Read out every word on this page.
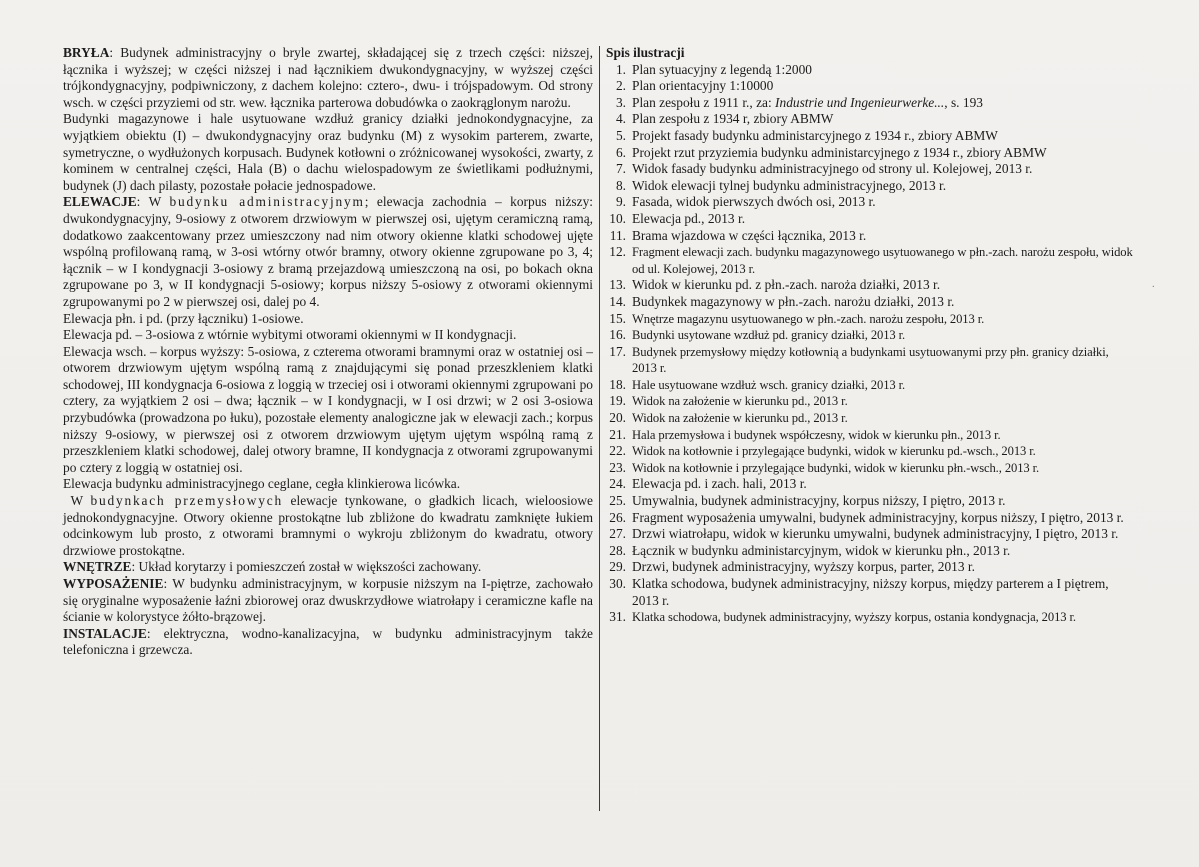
BRYŁA: Budynek administracyjny o bryle zwartej, składającej się z trzech części: niższej, łącznika i wyższej; w części niższej i nad łącznikiem dwukondygnacyjny, w wyższej części trójkondygnacyjny, podpiwniczony, z dachem kolejno: cztero-, dwu- i trójspadowym. Od strony wsch. w części przyziemi od str. wew. łącznika parterowa dobudówka o zaokrąglonym narożu.

Budynki magazynowe i hale usytuowane wzdłuż granicy działki jednokondygnacyjne, za wyjątkiem obiektu (I) – dwukondygnacyjny oraz budynku (M) z wysokim parterem, zwarte, symetryczne, o wydłużonych korpusach. Budynek kotłowni o zróżnicowanej wysokości, zwarty, z kominem w centralnej części, Hala (B) o dachu wielospadowym ze świetlikami podłużnymi, budynek (J) dach pilasty, pozostałe połacie jednospadowe.

ELEWACJE: W budynku administracyjnym; elewacja zachodnia – korpus niższy: dwukondygnacyjny, 9-osiowy z otworem drzwiowym w pierwszej osi, ujętym ceramiczną ramą, dodatkowo zaakcentowany przez umieszczony nad nim otwory okienne klatki schodowej ujęte wspólną profilowaną ramą, w 3-osi wtórny otwór bramny, otwory okienne zgrupowane po 3, 4; łącznik – w I kondygnacji 3-osiowy z bramą przejazdową umieszczoną na osi, po bokach okna zgrupowane po 3, w II kondygnacji 5-osiowy; korpus niższy 5-osiowy z otworami okiennymi zgrupowanymi po 2 w pierwszej osi, dalej po 4.

Elewacja płn. i pd. (przy łączniku) 1-osiowe.

Elewacja pd. – 3-osiowa z wtórnie wybitymi otworami okiennymi w II kondygnacji.

Elewacja wsch. – korpus wyższy: 5-osiowa, z czterema otworami bramnymi oraz w ostatniej osi – otworem drzwiowym ujętym wspólną ramą z znajdującymi się ponad przeszkleniem klatki schodowej, III kondygnacja 6-osiowa z loggią w trzeciej osi i otworami okiennymi zgrupowani po cztery, za wyjątkiem 2 osi – dwa; łącznik – w I kondygnacji, w I osi drzwi; w 2 osi 3-osiowa przybudówka (prowadzona po łuku), pozostałe elementy analogiczne jak w elewacji zach.; korpus niższy 9-osiowy, w pierwszej osi z otworem drzwiowym ujętym ujętym wspólną ramą z przeszkleniem klatki schodowej, dalej otwory bramne, II kondygnacja z otworami zgrupowanymi po cztery z loggią w ostatniej osi.

Elewacja budynku administracyjnego ceglane, cegła klinkierowa licówka.

W budynkach przemysłowych elewacje tynkowane, o gładkich licach, wieloosiowe jednokondygnacyjne. Otwory okienne prostokątne lub zbliżone do kwadratu zamknięte łukiem odcinkowym lub prosto, z otworami bramnymi o wykroju zbliżonym do kwadratu, otwory drzwiowe prostokątne.

WNĘTRZE: Układ korytarzy i pomieszczeń został w większości zachowany.

WYPOSAŻENIE: W budynku administracyjnym, w korpusie niższym na I-piętrze, zachowało się oryginalne wyposażenie łaźni zbiorowej oraz dwuskrzydłowe wiatrołapy i ceramiczne kafle na ścianie w kolorystyce żółto-brązowej.

INSTALACJE: elektryczna, wodno-kanalizacyjna, w budynku administracyjnym także telefoniczna i grzewcza.

Spis ilustracji

1. Plan sytuacyjny z legendą 1:2000
2. Plan orientacyjny 1:10000
3. Plan zespołu z 1911 r., za: Industrie und Ingenieurwerke..., s. 193
4. Plan zespołu z 1934 r, zbiory ABMW
5. Projekt fasady budynku administarcyjnego z 1934 r., zbiory ABMW
6. Projekt rzut przyziemia budynku administarcyjnego z 1934 r., zbiory ABMW
7. Widok fasady budynku administracyjnego od strony ul. Kolejowej, 2013 r.
8. Widok elewacji tylnej budynku administracyjnego, 2013 r.
9. Fasada, widok pierwszych dwóch osi, 2013 r.
10. Elewacja pd., 2013 r.
11. Brama wjazdowa w części łącznika, 2013 r.
12. Fragment elewacji zach. budynku magazynowego usytuowanego w płn.-zach. narożu zespołu, widok od ul. Kolejowej, 2013 r.
13. Widok w kierunku pd. z płn.-zach. naroża działki, 2013 r.
14. Budynkek magazynowy w płn.-zach. narożu działki, 2013 r.
15. Wnętrze magazynu usytuowanego w płn.-zach. narożu zespołu, 2013 r.
16. Budynki usytowane wzdłuż pd. granicy działki, 2013 r.
17. Budynek przemysłowy między kotłownią a budynkami usytuowanymi przy płn. granicy działki, 2013 r.
18. Hale usytuowane wzdłuż wsch. granicy działki, 2013 r.
19. Widok na założenie w kierunku pd., 2013 r.
20. Widok na założenie w kierunku pd., 2013 r.
21. Hala przemysłowa i budynek współczesny, widok w kierunku płn., 2013 r.
22. Widok na kotłownie i przylegające budynki, widok w kierunku pd.-wsch., 2013 r.
23. Widok na kotłownie i przylegające budynki, widok w kierunku płn.-wsch., 2013 r.
24. Elewacja pd. i zach. hali, 2013 r.
25. Umywalnia, budynek administracyjny, korpus niższy, I piętro, 2013 r.
26. Fragment wyposażenia umywalni, budynek administracyjny, korpus niższy, I piętro, 2013 r.
27. Drzwi wiatrołapu, widok w kierunku umywalni, budynek administracyjny, I piętro, 2013 r.
28. Łącznik w budynku administarcyjnym, widok w kierunku płn., 2013 r.
29. Drzwi, budynek administracyjny, wyższy korpus, parter, 2013 r.
30. Klatka schodowa, budynek administracyjny, niższy korpus, między parterem a I piętrem, 2013 r.
31. Klatka schodowa, budynek administracyjny, wyższy korpus, ostania kondygnacja, 2013 r.
·
